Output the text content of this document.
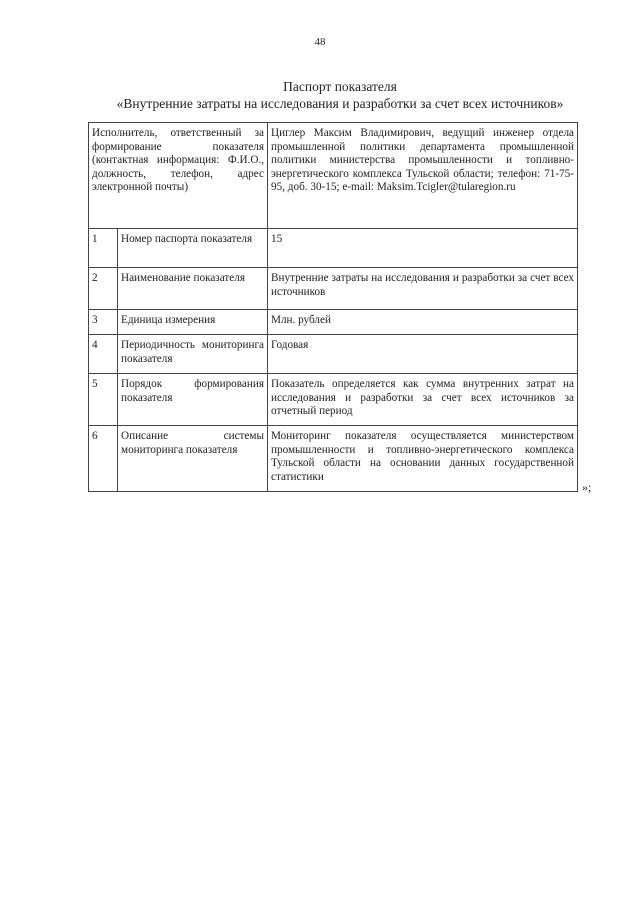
48
Паспорт показателя
«Внутренние затраты на исследования и разработки за счет всех источников»
Исполнитель, ответственный за формирование показателя (контактная информация: Ф.И.О., должность, телефон, адрес электронной почты)		Циглер Максим Владимирович, ведущий инженер отдела промышленной политики департамента промышленной политики министерства промышленности и топливно-энергетического комплекса Тульской области; телефон: 71-75-95, доб. 30-15; e-mail: Maksim.Tcigler@tularegion.ru
1	Номер паспорта показателя	15
2	Наименование показателя	Внутренние затраты на исследования и разработки за счет всех источников
3	Единица измерения	Млн. рублей
4	Периодичность мониторинга показателя	Годовая
5	Порядок формирования показателя	Показатель определяется как сумма внутренних затрат на исследования и разработки за счет всех источников за отчетный период
6	Описание системы мониторинга показателя	Мониторинг показателя осуществляется министерством промышленности и топливно-энергетического комплекса Тульской области на основании данных государственной статистики
»;
